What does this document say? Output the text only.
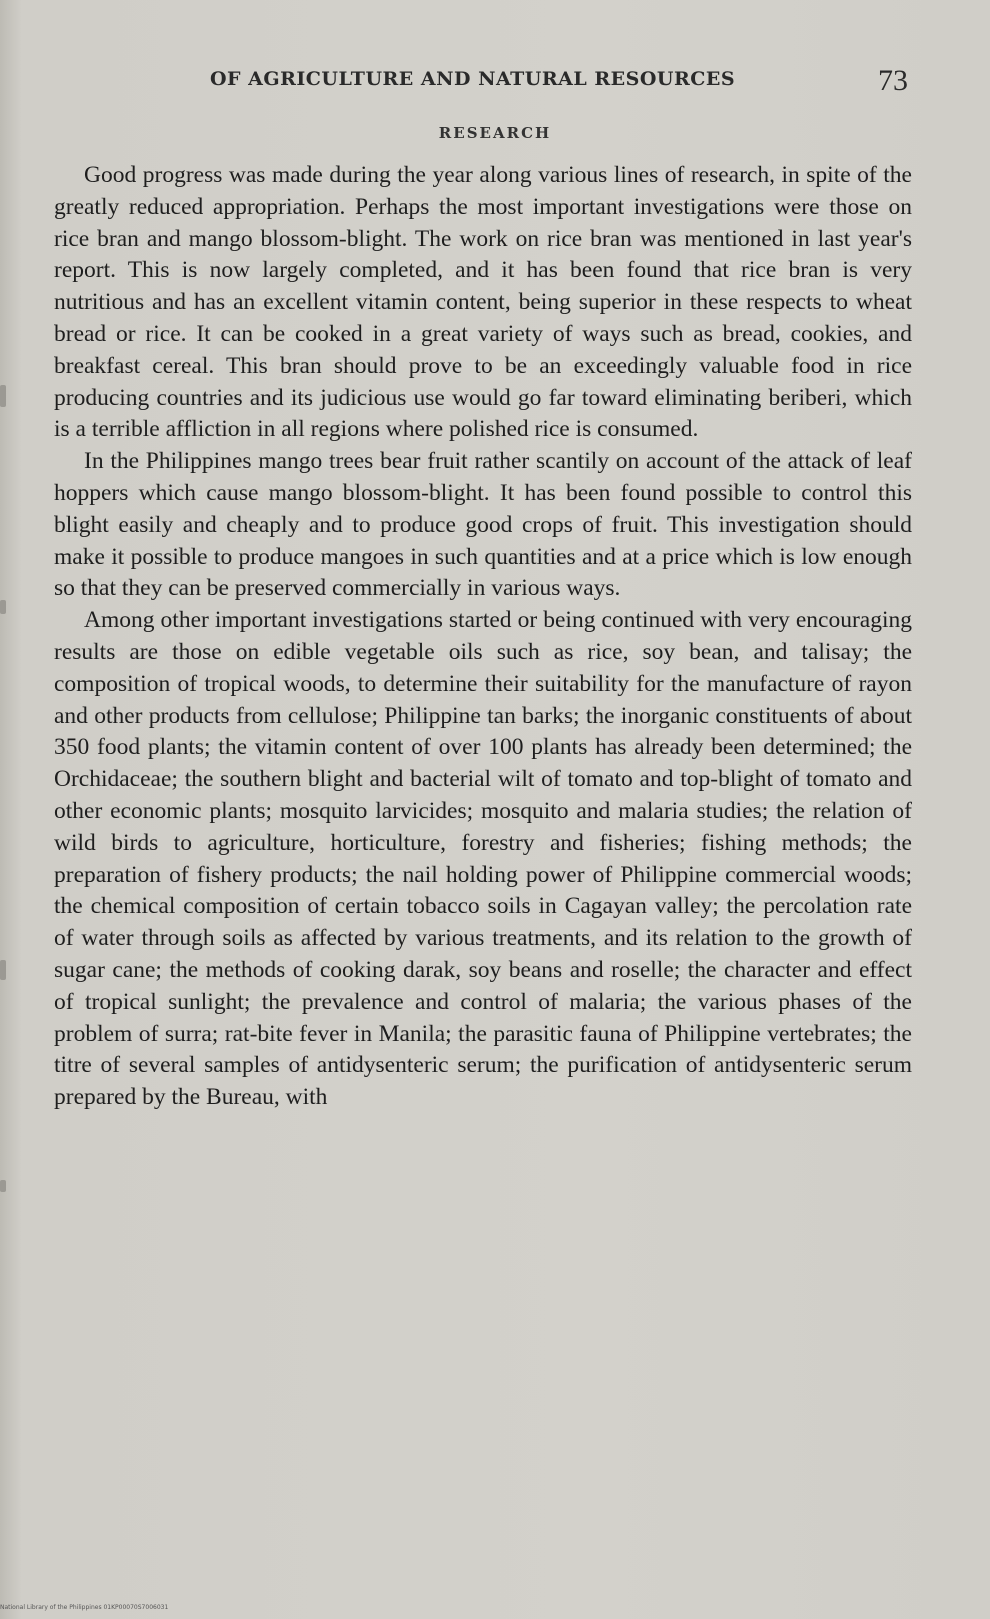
OF AGRICULTURE AND NATURAL RESOURCES	73
RESEARCH

Good progress was made during the year along various lines of research, in spite of the greatly reduced appropriation. Perhaps the most important investigations were those on rice bran and mango blossom-blight. The work on rice bran was mentioned in last year's report. This is now largely completed, and it has been found that rice bran is very nutritious and has an excellent vitamin content, being superior in these respects to wheat bread or rice. It can be cooked in a great variety of ways such as bread, cookies, and breakfast cereal. This bran should prove to be an exceedingly valuable food in rice producing countries and its judicious use would go far toward eliminating beriberi, which is a terrible affliction in all regions where polished rice is consumed.

In the Philippines mango trees bear fruit rather scantily on account of the attack of leaf hoppers which cause mango blossom-blight. It has been found possible to control this blight easily and cheaply and to produce good crops of fruit. This investigation should make it possible to produce mangoes in such quantities and at a price which is low enough so that they can be preserved commercially in various ways.

Among other important investigations started or being continued with very encouraging results are those on edible vegetable oils such as rice, soy bean, and talisay; the composition of tropical woods, to determine their suitability for the manufacture of rayon and other products from cellulose; Philippine tan barks; the inorganic constituents of about 350 food plants; the vitamin content of over 100 plants has already been determined; the Orchidaceae; the southern blight and bacterial wilt of tomato and top-blight of tomato and other economic plants; mosquito larvicides; mosquito and malaria studies; the relation of wild birds to agriculture, horticulture, forestry and fisheries; fishing methods; the preparation of fishery products; the nail holding power of Philippine commercial woods; the chemical composition of certain tobacco soils in Cagayan valley; the percolation rate of water through soils as affected by various treatments, and its relation to the growth of sugar cane; the methods of cooking darak, soy beans and roselle; the character and effect of tropical sunlight; the prevalence and control of malaria; the various phases of the problem of surra; rat-bite fever in Manila; the parasitic fauna of Philippine vertebrates; the titre of several samples of antidysenteric serum; the purification of antidysenteric serum prepared by the Bureau, with

National Library of the Philippines 01KP00070S7006031
